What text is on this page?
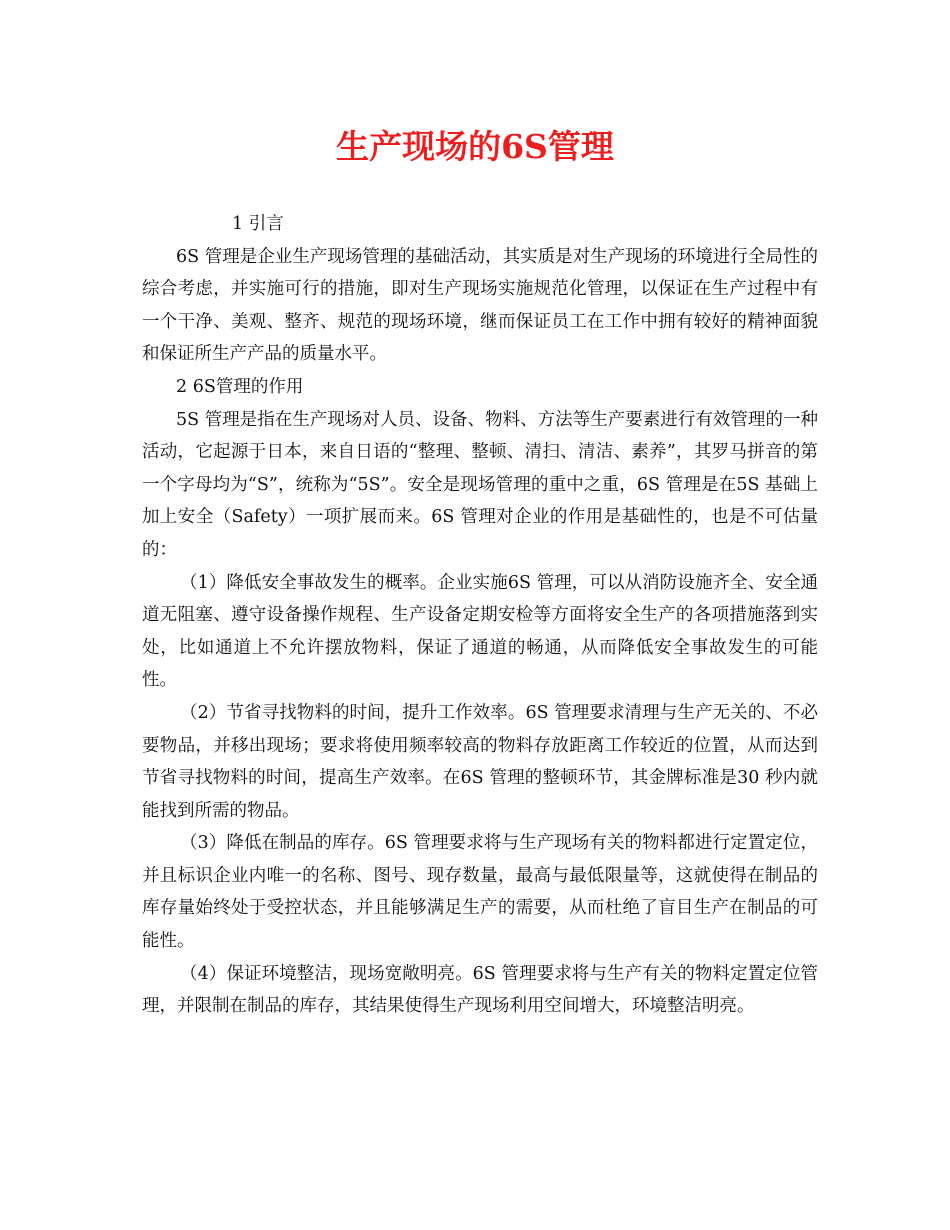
生产现场的6S管理

1 引言

6S 管理是企业生产现场管理的基础活动，其实质是对生产现场的环境进行全局性的综合考虑，并实施可行的措施，即对生产现场实施规范化管理，以保证在生产过程中有一个干净、美观、整齐、规范的现场环境，继而保证员工在工作中拥有较好的精神面貌和保证所生产产品的质量水平。

2 6S管理的作用

5S 管理是指在生产现场对人员、设备、物料、方法等生产要素进行有效管理的一种活动，它起源于日本，来自日语的“整理、整顿、清扫、清洁、素养”，其罗马拼音的第一个字母均为“S”，统称为“5S”。安全是现场管理的重中之重，6S 管理是在5S 基础上加上安全（Safety）一项扩展而来。6S 管理对企业的作用是基础性的，也是不可估量的：

（1）降低安全事故发生的概率。企业实施6S 管理，可以从消防设施齐全、安全通道无阻塞、遵守设备操作规程、生产设备定期安检等方面将安全生产的各项措施落到实处，比如通道上不允许摆放物料，保证了通道的畅通，从而降低安全事故发生的可能性。

（2）节省寻找物料的时间，提升工作效率。6S 管理要求清理与生产无关的、不必要物品，并移出现场；要求将使用频率较高的物料存放距离工作较近的位置，从而达到节省寻找物料的时间，提高生产效率。在6S 管理的整顿环节，其金牌标准是30 秒内就能找到所需的物品。

（3）降低在制品的库存。6S 管理要求将与生产现场有关的物料都进行定置定位，并且标识企业内唯一的名称、图号、现存数量，最高与最低限量等，这就使得在制品的库存量始终处于受控状态，并且能够满足生产的需要，从而杜绝了盲目生产在制品的可能性。

（4）保证环境整洁，现场宽敞明亮。6S 管理要求将与生产有关的物料定置定位管理，并限制在制品的库存，其结果使得生产现场利用空间增大，环境整洁明亮。
